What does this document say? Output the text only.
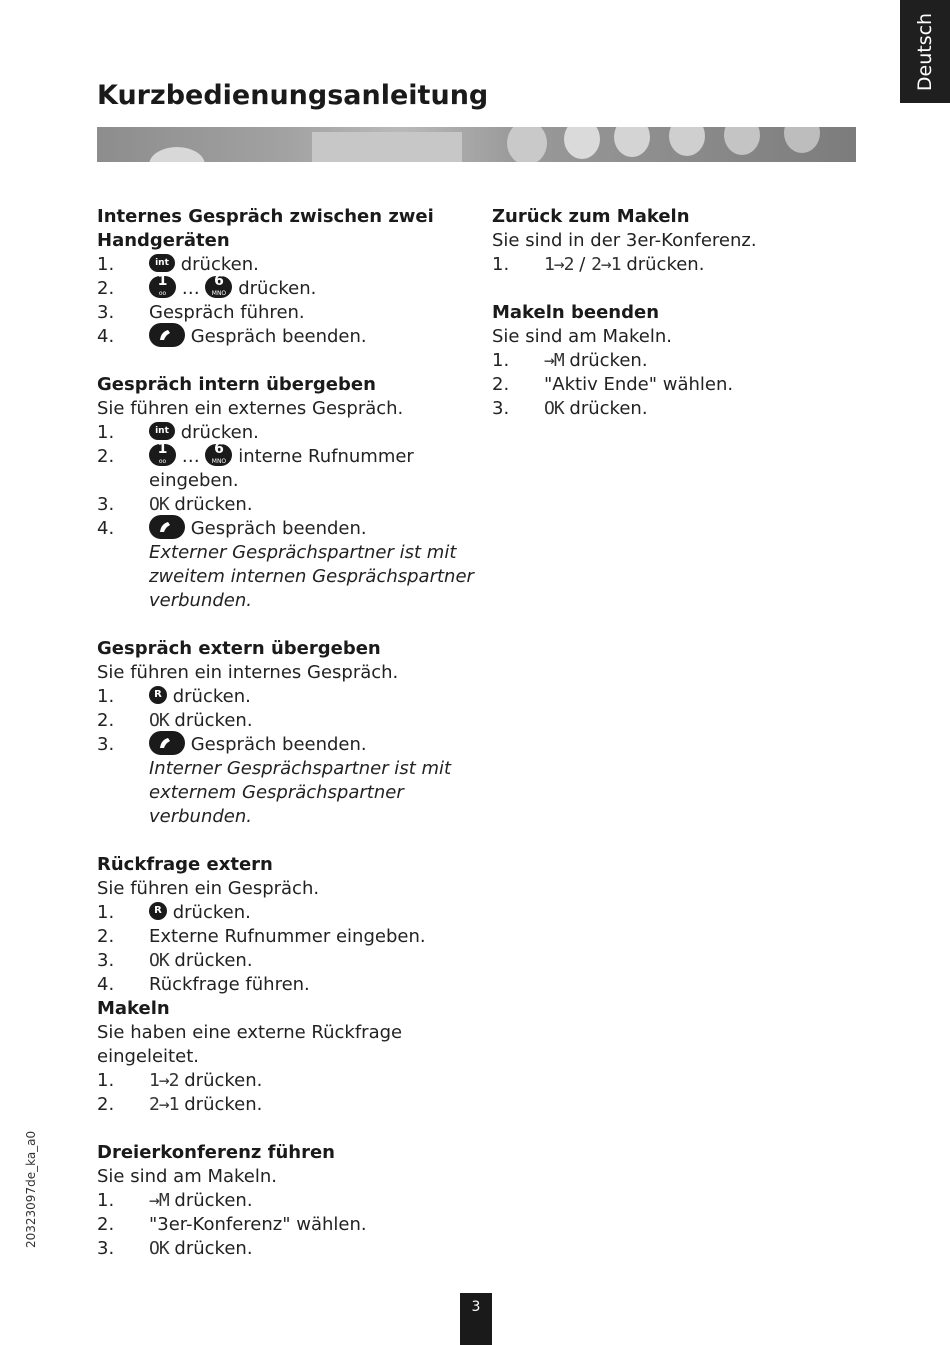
Deutsch
Kurzbedienungsanleitung
20323097de_ka_a0
3
Internes Gespräch zwischen zwei
Handgeräten
1.	int drücken.
2.	1
oo …	6
MNO drücken.
3.	Gespräch führen.
4.	Gespräch beenden.
Gespräch intern übergeben

Sie führen ein externes Gespräch.

1.	int drücken.
2.	1
oo …	6
MNO interne Rufnummer
eingeben.
3.	OK drücken.
4.	Gespräch beenden.
Externer Gesprächspartner ist mit
zweitem internen Gesprächspartner
verbunden.
Gespräch extern übergeben

Sie führen ein internes Gespräch.

1.	R drücken.
2.	OK drücken.
3.	Gespräch beenden.
Interner Gesprächspartner ist mit
externem Gesprächspartner
verbunden.
Rückfrage extern

Sie führen ein Gespräch.

1.	R drücken.
2.	Externe Rufnummer eingeben.
3.	OK drücken.
4.	Rückfrage führen.
Makeln

Sie haben eine externe Rückfrage
eingeleitet.

1.	1→2 drücken.
2.	2→1 drücken.
Dreierkonferenz führen

Sie sind am Makeln.

1.	→M drücken.
2.	"3er-Konferenz" wählen.
3.	OK drücken.
Zurück zum Makeln

Sie sind in der 3er-Konferenz.

1.	1→2 / 2→1 drücken.
Makeln beenden

Sie sind am Makeln.

1.	→M drücken.
2.	"Aktiv Ende" wählen.
3.	OK drücken.
